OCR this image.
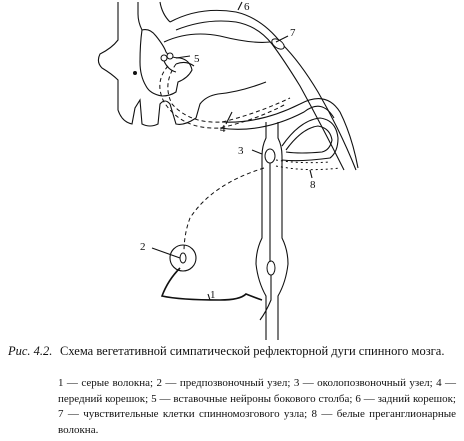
1
2
3
4
5
6
7
8
Рис. 4.2. Схема вегетативной симпатической рефлекторной дуги спинного мозга.
1 — серые волокна; 2 — предпозвоночный узел; 3 — околопозвоночный узел; 4 — передний корешок; 5 — вставочные нейроны бокового столба; 6 — задний корешок; 7 — чувствительные клетки спинномозгового узла; 8 — белые преганглионарные волокна.
